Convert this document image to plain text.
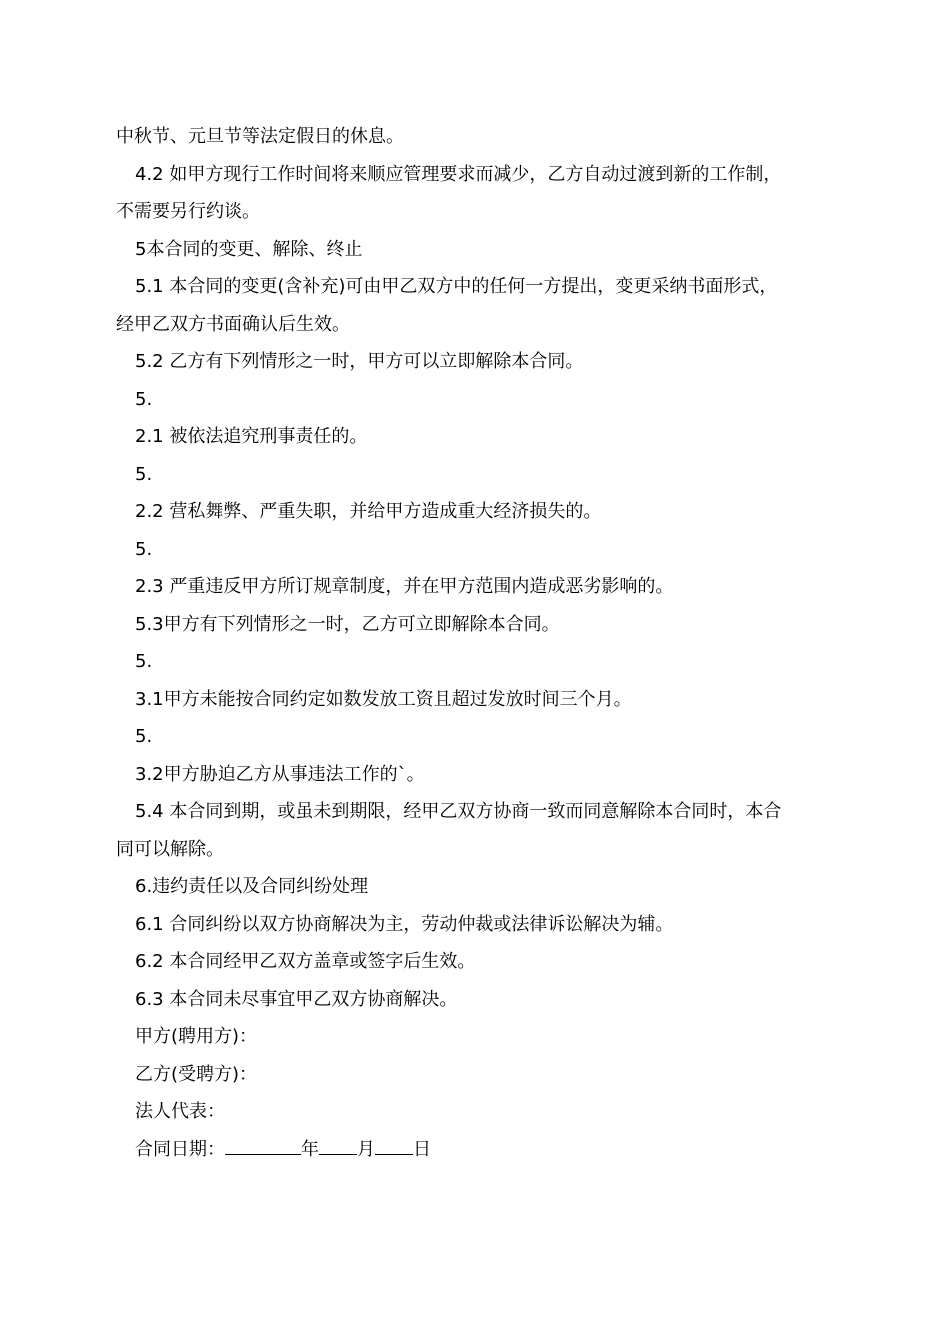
中秋节、元旦节等法定假日的休息。
4.2 如甲方现行工作时间将来顺应管理要求而减少，乙方自动过渡到新的工作制，
不需要另行约谈。
5本合同的变更、解除、终止
5.1 本合同的变更(含补充)可由甲乙双方中的任何一方提出，变更采纳书面形式，
经甲乙双方书面确认后生效。
5.2 乙方有下列情形之一时，甲方可以立即解除本合同。
5.
2.1 被依法追究刑事责任的。
5.
2.2 营私舞弊、严重失职，并给甲方造成重大经济损失的。
5.
2.3 严重违反甲方所订规章制度，并在甲方范围内造成恶劣影响的。
5.3甲方有下列情形之一时，乙方可立即解除本合同。
5.
3.1甲方未能按合同约定如数发放工资且超过发放时间三个月。
5.
3.2甲方胁迫乙方从事违法工作的`。
5.4 本合同到期，或虽未到期限，经甲乙双方协商一致而同意解除本合同时，本合
同可以解除。
6.违约责任以及合同纠纷处理
6.1 合同纠纷以双方协商解决为主，劳动仲裁或法律诉讼解决为辅。
6.2 本合同经甲乙双方盖章或签字后生效。
6.3 本合同未尽事宜甲乙双方协商解决。
甲方(聘用方)：
乙方(受聘方)：
法人代表：
合同日期：	年 月 日
